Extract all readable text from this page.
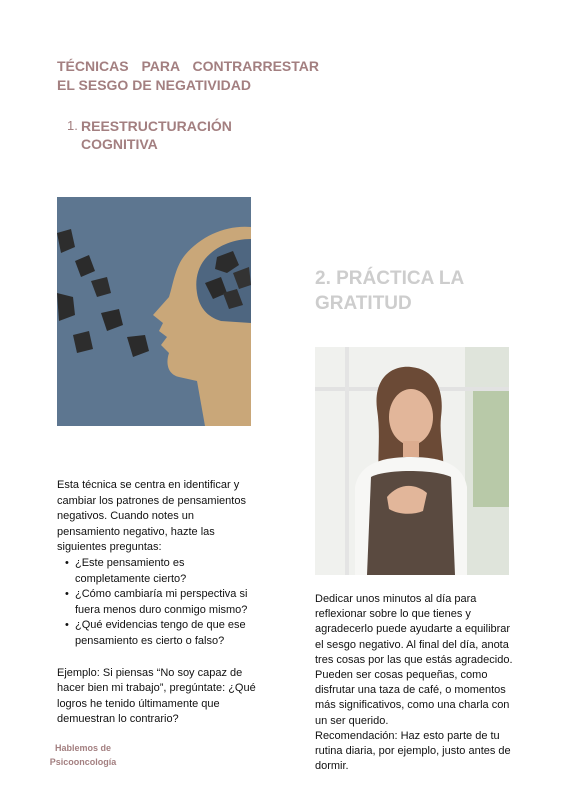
TÉCNICAS PARA CONTRARRESTAR
EL SESGO DE NEGATIVIDAD
1. REESTRUCTURACIÓN
COGNITIVA
2. PRÁCTICA LA
GRATITUD

Esta técnica se centra en identificar y cambiar los patrones de pensamientos negativos. Cuando notes un pensamiento negativo, hazte las siguientes preguntas:

• ¿Este pensamiento es completamente cierto?
• ¿Cómo cambiaría mi perspectiva si fuera menos duro conmigo mismo?
• ¿Qué evidencias tengo de que ese pensamiento es cierto o falso?

Ejemplo: Si piensas “No soy capaz de hacer bien mi trabajo”, pregúntate: ¿Qué logros he tenido últimamente que demuestran lo contrario?

Dedicar unos minutos al día para reflexionar sobre lo que tienes y agradecerlo puede ayudarte a equilibrar el sesgo negativo. Al final del día, anota tres cosas por las que estás agradecido. Pueden ser cosas pequeñas, como disfrutar una taza de café, o momentos más significativos, como una charla con un ser querido.

Recomendación: Haz esto parte de tu rutina diaria, por ejemplo, justo antes de dormir.

Hablemos de
Psicooncología
